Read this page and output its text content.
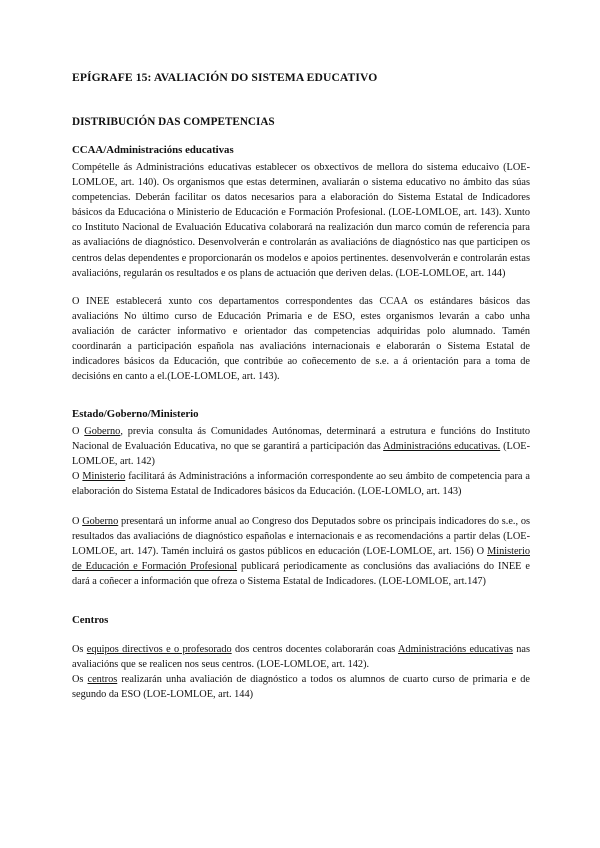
EPÍGRAFE 15: AVALIACIÓN DO SISTEMA EDUCATIVO
DISTRIBUCIÓN DAS COMPETENCIAS
CCAA/Administracións educativas

Compételle ás Administracións educativas establecer os obxectivos de mellora do sistema educaivo (LOE-LOMLOE, art. 140). Os organismos que estas determinen, avaliarán o sistema educativo no ámbito das súas competencias. Deberán facilitar os datos necesarios para a elaboración do Sistema Estatal de Indicadores básicos da Educacióna o Ministerio de Educación e Formación Profesional. (LOE-LOMLOE, art. 143). Xunto co Instituto Nacional de Evaluación Educativa colaborará na realización dun marco común de referencia para as avaliacións de diagnóstico. Desenvolverán e controlarán as avaliacións de diagnóstico nas que participen os centros delas dependentes e proporcionarán os modelos e apoios pertinentes. desenvolverán e controlarán estas avaliacións, regularán os resultados e os plans de actuación que deriven delas. (LOE-LOMLOE, art. 144)

O INEE establecerá xunto cos departamentos correspondentes das CCAA os estándares básicos das avaliacións No último curso de Educación Primaria e de ESO, estes organismos levarán a cabo unha avaliación de carácter informativo e orientador das competencias adquiridas polo alumnado. Tamén coordinarán a participación española nas avaliacións internacionais e elaborarán o Sistema Estatal de indicadores básicos da Educación, que contribúe ao coñecemento de s.e. a á orientación para a toma de decisións en canto a el.(LOE-LOMLOE, art. 143).

Estado/Goberno/Ministerio

O Goberno, previa consulta ás Comunidades Autónomas, determinará a estrutura e funcións do Instituto Nacional de Evaluación Educativa, no que se garantirá a participación das Administracións educativas. (LOE-LOMLOE, art. 142)

O Ministerio facilitará ás Administracións a información correspondente ao seu ámbito de competencia para a elaboración do Sistema Estatal de Indicadores básicos da Educación. (LOE-LOMLO, art. 143)

O Goberno presentará un informe anual ao Congreso dos Deputados sobre os principais indicadores do s.e., os resultados das avaliacións de diagnóstico españolas e internacionais e as recomendacións a partir delas (LOE-LOMLOE, art. 147). Tamén incluirá os gastos públicos en educación (LOE-LOMLOE, art. 156) O Ministerio de Educación e Formación Profesional publicará periodicamente as conclusións das avaliacións do INEE e dará a coñecer a información que ofreza o Sistema Estatal de Indicadores. (LOE-LOMLOE, art.147)

Centros

Os equipos directivos e o profesorado dos centros docentes colaborarán coas Administracións educativas nas avaliacións que se realicen nos seus centros. (LOE-LOMLOE, art. 142).

Os centros realizarán unha avaliación de diagnóstico a todos os alumnos de cuarto curso de primaria e de segundo da ESO (LOE-LOMLOE, art. 144)
